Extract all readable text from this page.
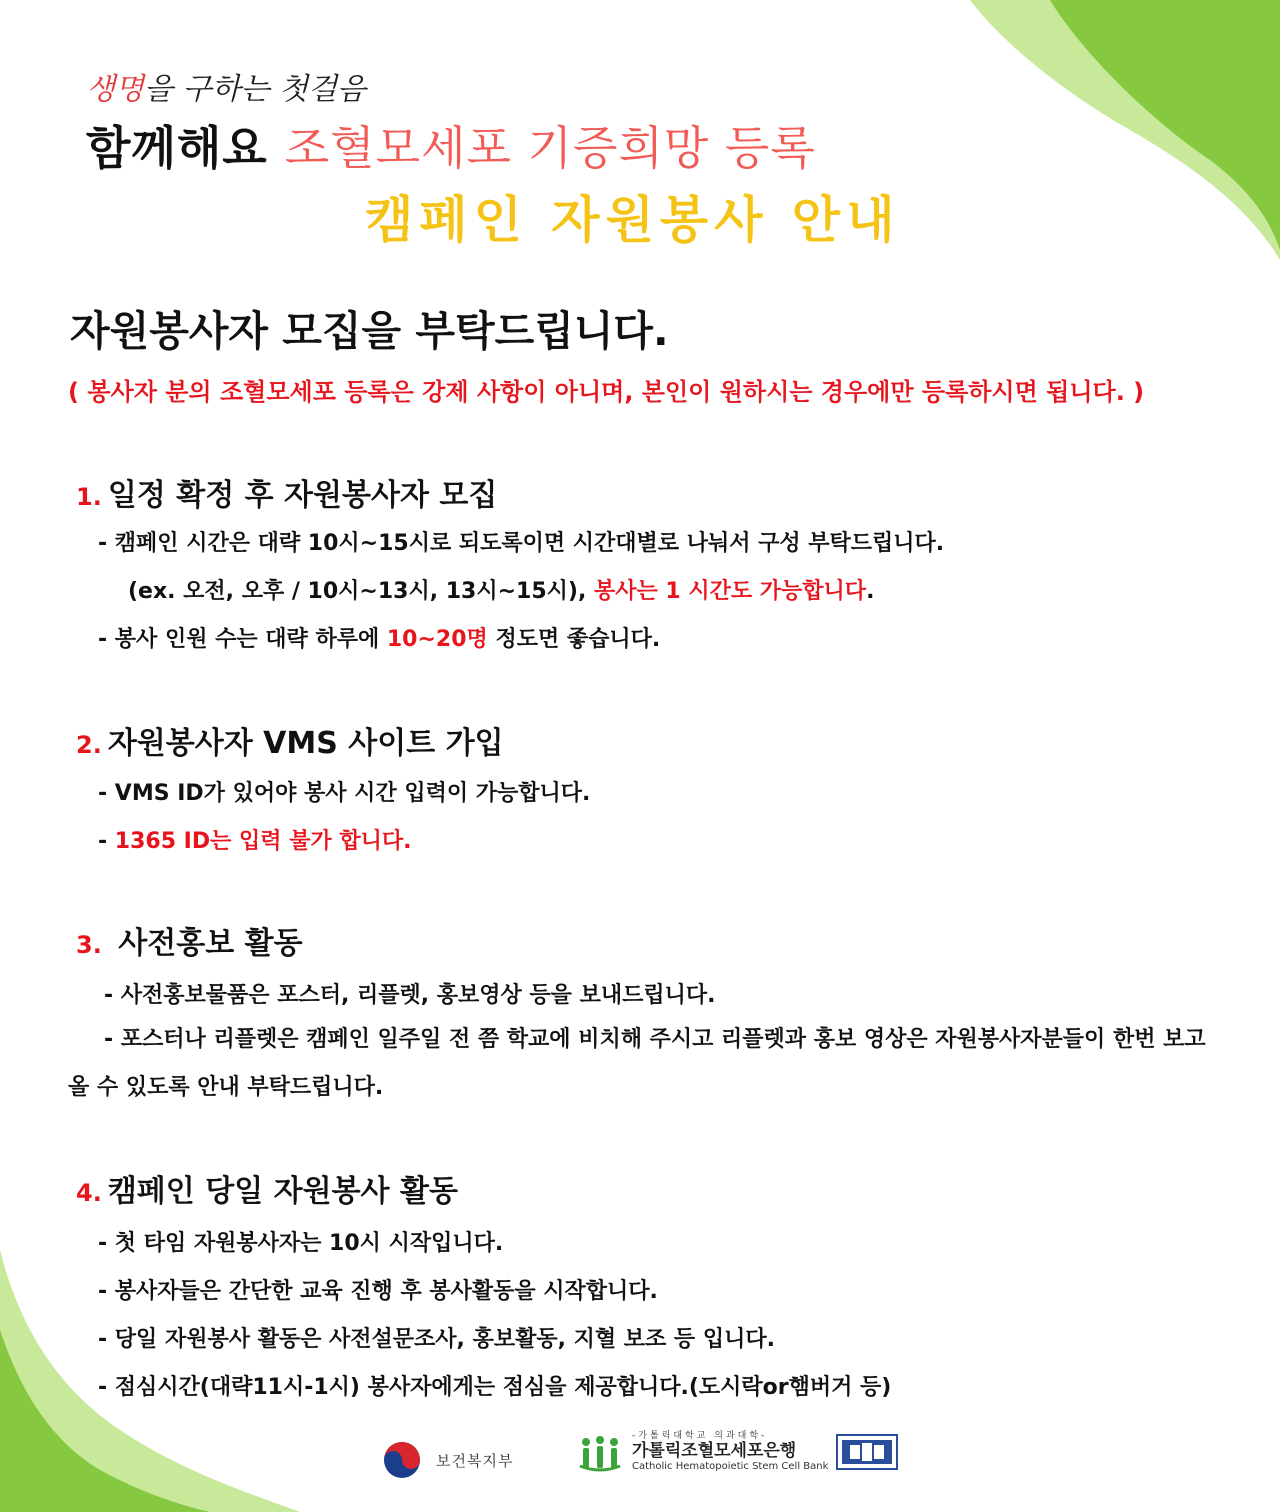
생명을 구하는 첫걸음
함께해요 조혈모세포 기증희망 등록
캠페인 자원봉사 안내
자원봉사자 모집을 부탁드립니다.
( 봉사자 분의 조혈모세포 등록은 강제 사항이 아니며, 본인이 원하시는 경우에만 등록하시면 됩니다. )
1. 일정 확정 후 자원봉사자 모집
- 캠페인 시간은 대략 10시~15시로 되도록이면 시간대별로 나눠서 구성 부탁드립니다.
(ex. 오전, 오후 / 10시~13시, 13시~15시), 봉사는 1 시간도 가능합니다.
- 봉사 인원 수는 대략 하루에 10~20명 정도면 좋습니다.
2. 자원봉사자 VMS 사이트 가입
- VMS ID가 있어야 봉사 시간 입력이 가능합니다.
- 1365 ID는 입력 불가 합니다.
3. 사전홍보 활동
- 사전홍보물품은 포스터, 리플렛, 홍보영상 등을 보내드립니다.
- 포스터나 리플렛은 캠페인 일주일 전 쯤 학교에 비치해 주시고 리플렛과 홍보 영상은 자원봉사자분들이 한번 보고 올 수 있도록 안내 부탁드립니다.
4. 캠페인 당일 자원봉사 활동
- 첫 타임 자원봉사자는 10시 시작입니다.
- 봉사자들은 간단한 교육 진행 후 봉사활동을 시작합니다.
- 당일 자원봉사 활동은 사전설문조사, 홍보활동, 지혈 보조 등 입니다.
- 점심시간(대략11시-1시) 봉사자에게는 점심을 제공합니다.(도시락or햄버거 등)
보건복지부
-가톨릭대학교 의과대학-
가톨릭조혈모세포은행
Catholic Hematopoietic Stem Cell Bank
